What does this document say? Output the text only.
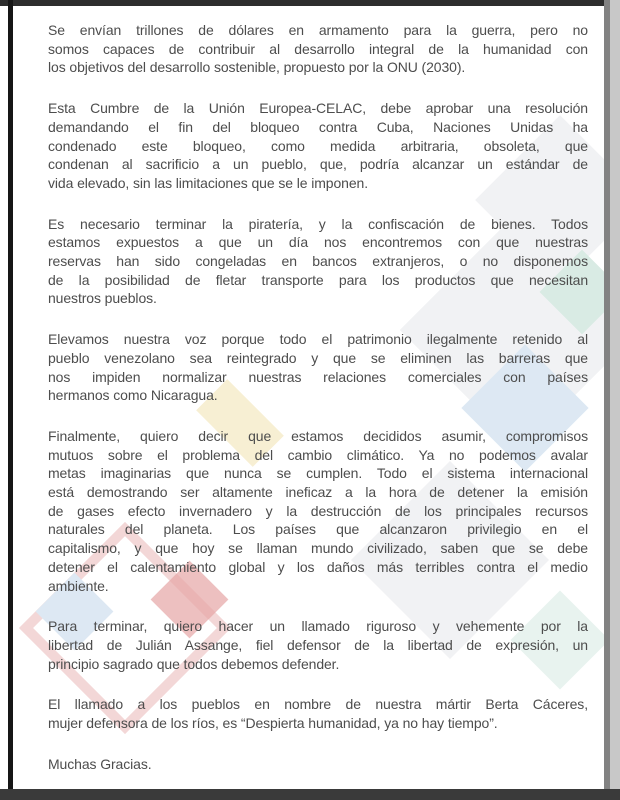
Se envían trillones de dólares en armamento para la guerra, pero no
somos capaces de contribuir al desarrollo integral de la humanidad con
los objetivos del desarrollo sostenible, propuesto por la ONU (2030).
Esta Cumbre de la Unión Europea-CELAC, debe aprobar una resolución
demandando el fin del bloqueo contra Cuba, Naciones Unidas ha
condenado este bloqueo, como medida arbitraria, obsoleta, que
condenan al sacrificio a un pueblo, que, podría alcanzar un estándar de
vida elevado, sin las limitaciones que se le imponen.
Es necesario terminar la piratería, y la confiscación de bienes. Todos
estamos expuestos a que un día nos encontremos con que nuestras
reservas han sido congeladas en bancos extranjeros, o no disponemos
de la posibilidad de fletar transporte para los productos que necesitan
nuestros pueblos.
Elevamos nuestra voz porque todo el patrimonio ilegalmente retenido al
pueblo venezolano sea reintegrado y que se eliminen las barreras que
nos impiden normalizar nuestras relaciones comerciales con países
hermanos como Nicaragua.
Finalmente, quiero decir que estamos decididos asumir, compromisos
mutuos sobre el problema del cambio climático. Ya no podemos avalar
metas imaginarias que nunca se cumplen. Todo el sistema internacional
está demostrando ser altamente ineficaz a la hora de detener la emisión
de gases efecto invernadero y la destrucción de los principales recursos
naturales del planeta. Los países que alcanzaron privilegio en el
capitalismo, y que hoy se llaman mundo civilizado, saben que se debe
detener el calentamiento global y los daños más terribles contra el medio
ambiente.
Para terminar, quiero hacer un llamado riguroso y vehemente por la
libertad de Julián Assange, fiel defensor de la libertad de expresión, un
principio sagrado que todos debemos defender.
El llamado a los pueblos en nombre de nuestra mártir Berta Cáceres,
mujer defensora de los ríos, es “Despierta humanidad, ya no hay tiempo”.
Muchas Gracias.
